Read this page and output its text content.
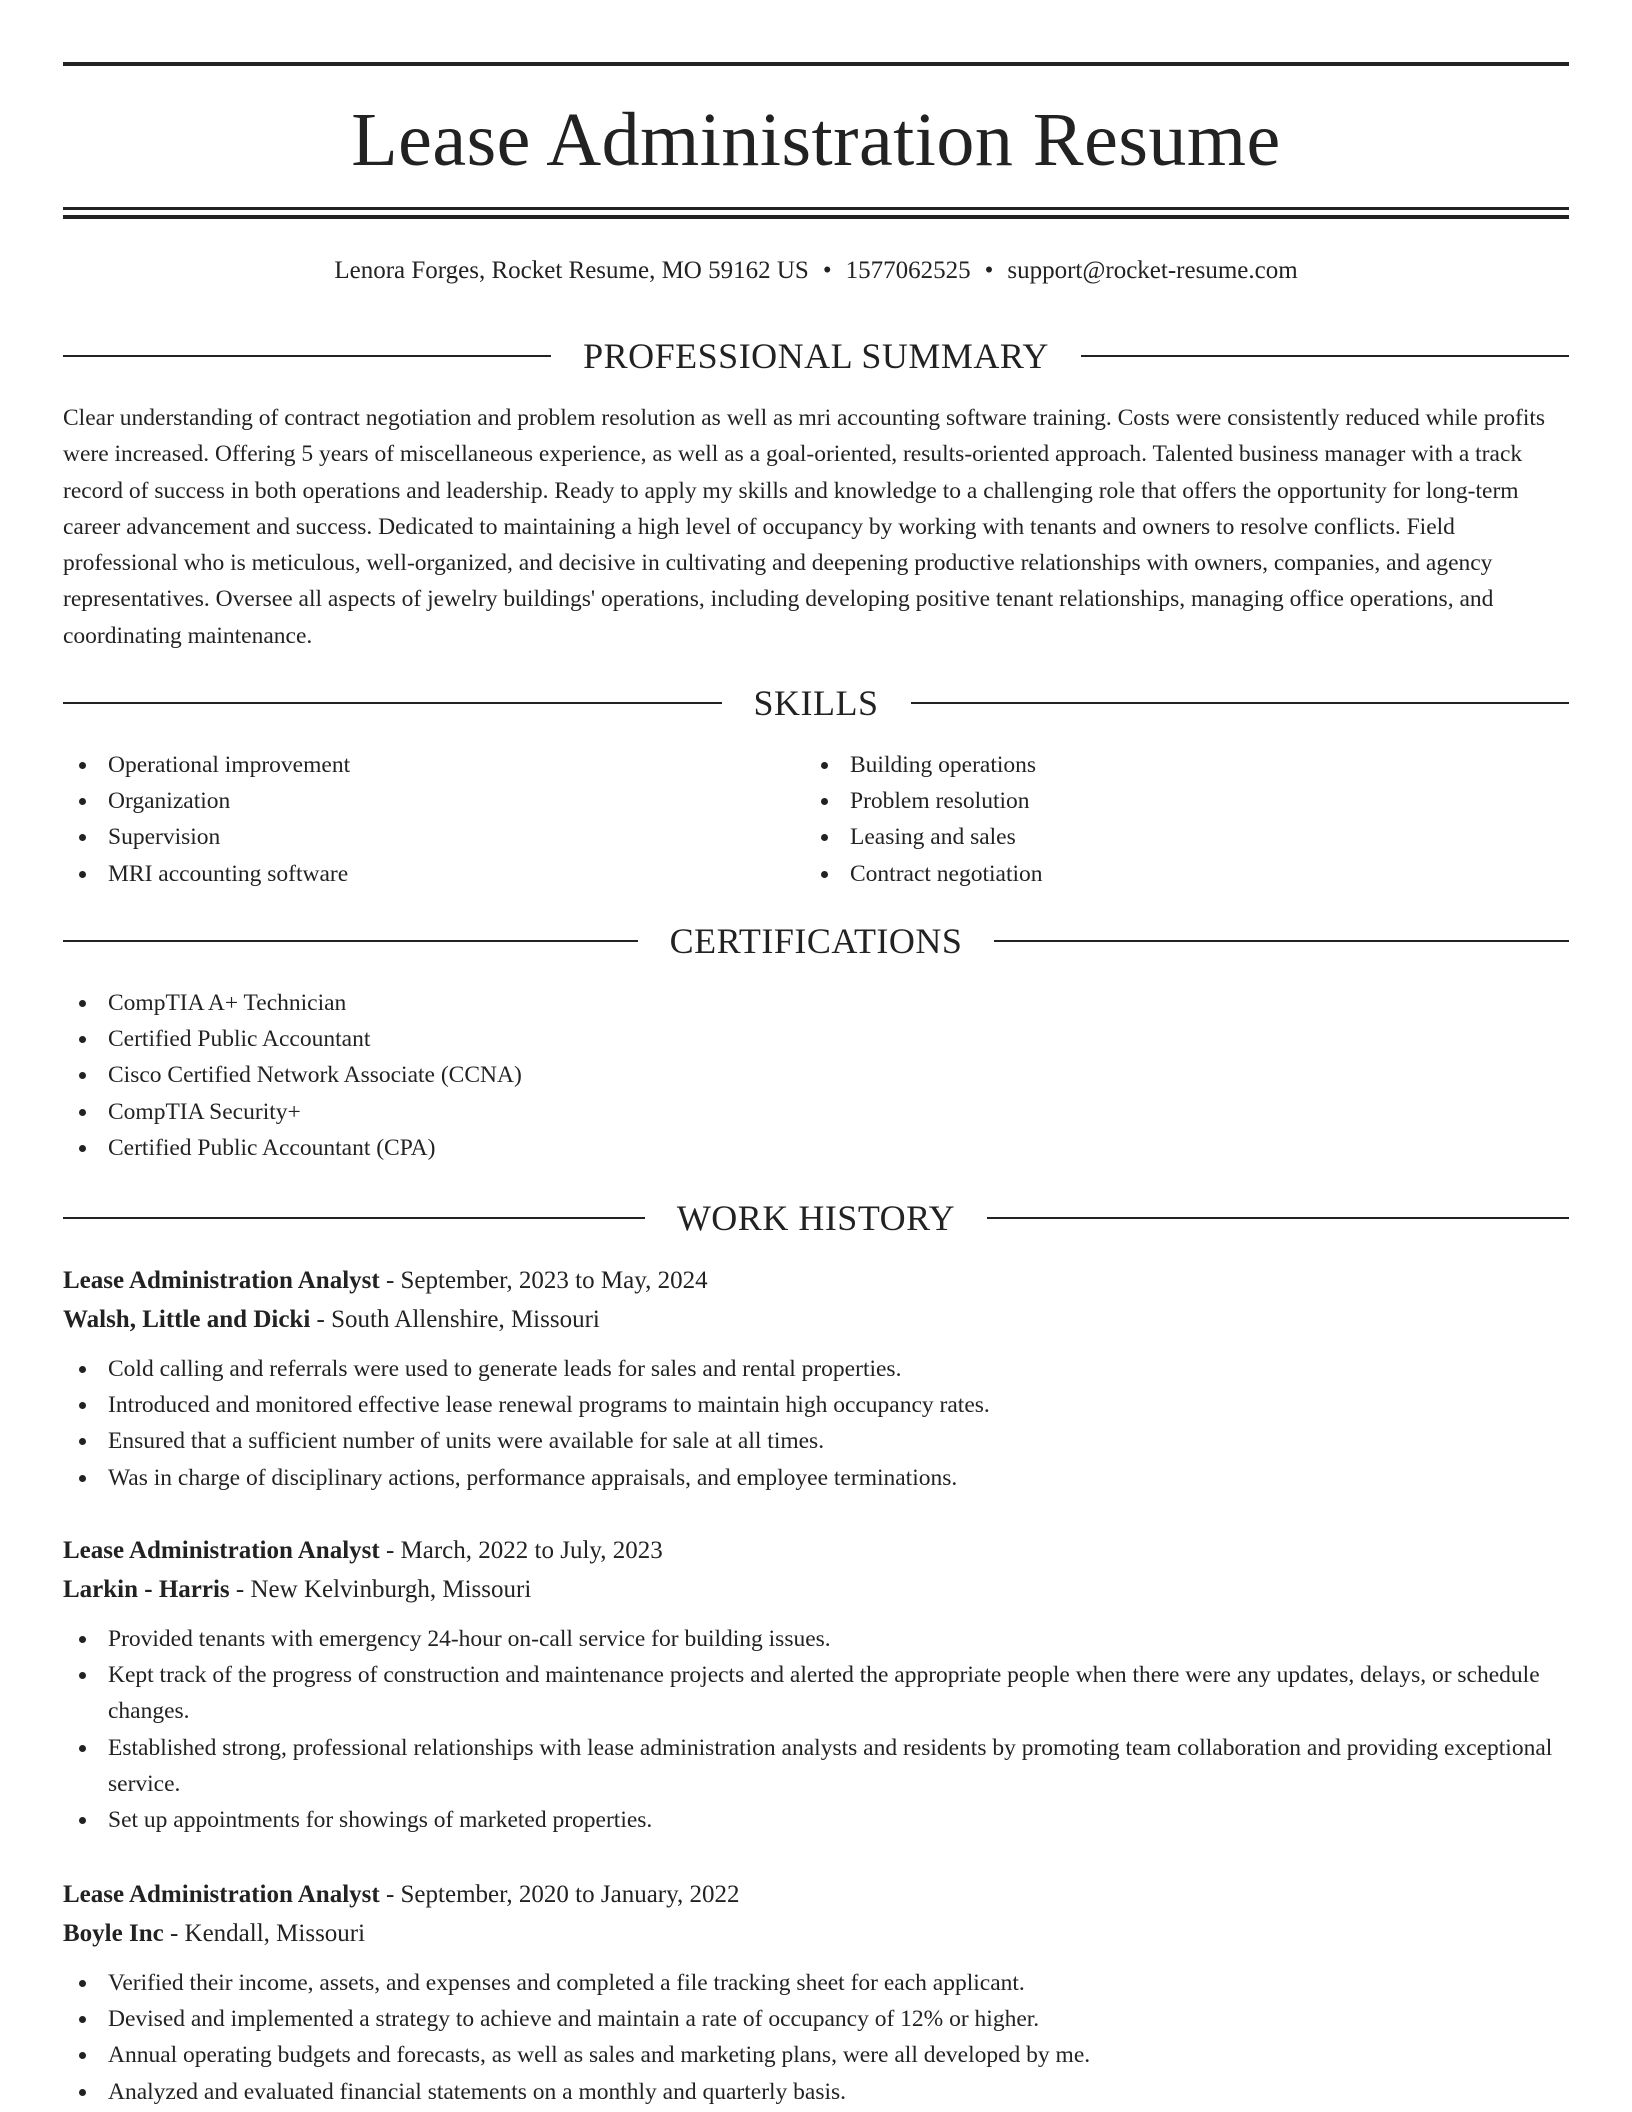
Lease Administration Resume
Lenora Forges, Rocket Resume, MO 59162 US • 1577062525 • support@rocket-resume.com
PROFESSIONAL SUMMARY

Clear understanding of contract negotiation and problem resolution as well as mri accounting software training. Costs were consistently reduced while profits were increased. Offering 5 years of miscellaneous experience, as well as a goal-oriented, results-oriented approach. Talented business manager with a track record of success in both operations and leadership. Ready to apply my skills and knowledge to a challenging role that offers the opportunity for long-term career advancement and success. Dedicated to maintaining a high level of occupancy by working with tenants and owners to resolve conflicts. Field professional who is meticulous, well-organized, and decisive in cultivating and deepening productive relationships with owners, companies, and agency representatives. Oversee all aspects of jewelry buildings' operations, including developing positive tenant relationships, managing office operations, and coordinating maintenance.

SKILLS
Operational improvement
Organization
Supervision
MRI accounting software
Building operations
Problem resolution
Leasing and sales
Contract negotiation
CERTIFICATIONS
CompTIA A+ Technician
Certified Public Accountant
Cisco Certified Network Associate (CCNA)
CompTIA Security+
Certified Public Accountant (CPA)
WORK HISTORY
Lease Administration Analyst - September, 2023 to May, 2024
Walsh, Little and Dicki - South Allenshire, Missouri
Cold calling and referrals were used to generate leads for sales and rental properties.
Introduced and monitored effective lease renewal programs to maintain high occupancy rates.
Ensured that a sufficient number of units were available for sale at all times.
Was in charge of disciplinary actions, performance appraisals, and employee terminations.
Lease Administration Analyst - March, 2022 to July, 2023
Larkin - Harris - New Kelvinburgh, Missouri
Provided tenants with emergency 24-hour on-call service for building issues.
Kept track of the progress of construction and maintenance projects and alerted the appropriate people when there were any updates, delays, or schedule changes.
Established strong, professional relationships with lease administration analysts and residents by promoting team collaboration and providing exceptional service.
Set up appointments for showings of marketed properties.
Lease Administration Analyst - September, 2020 to January, 2022
Boyle Inc - Kendall, Missouri
Verified their income, assets, and expenses and completed a file tracking sheet for each applicant.
Devised and implemented a strategy to achieve and maintain a rate of occupancy of 12% or higher.
Annual operating budgets and forecasts, as well as sales and marketing plans, were all developed by me.
Analyzed and evaluated financial statements on a monthly and quarterly basis.
